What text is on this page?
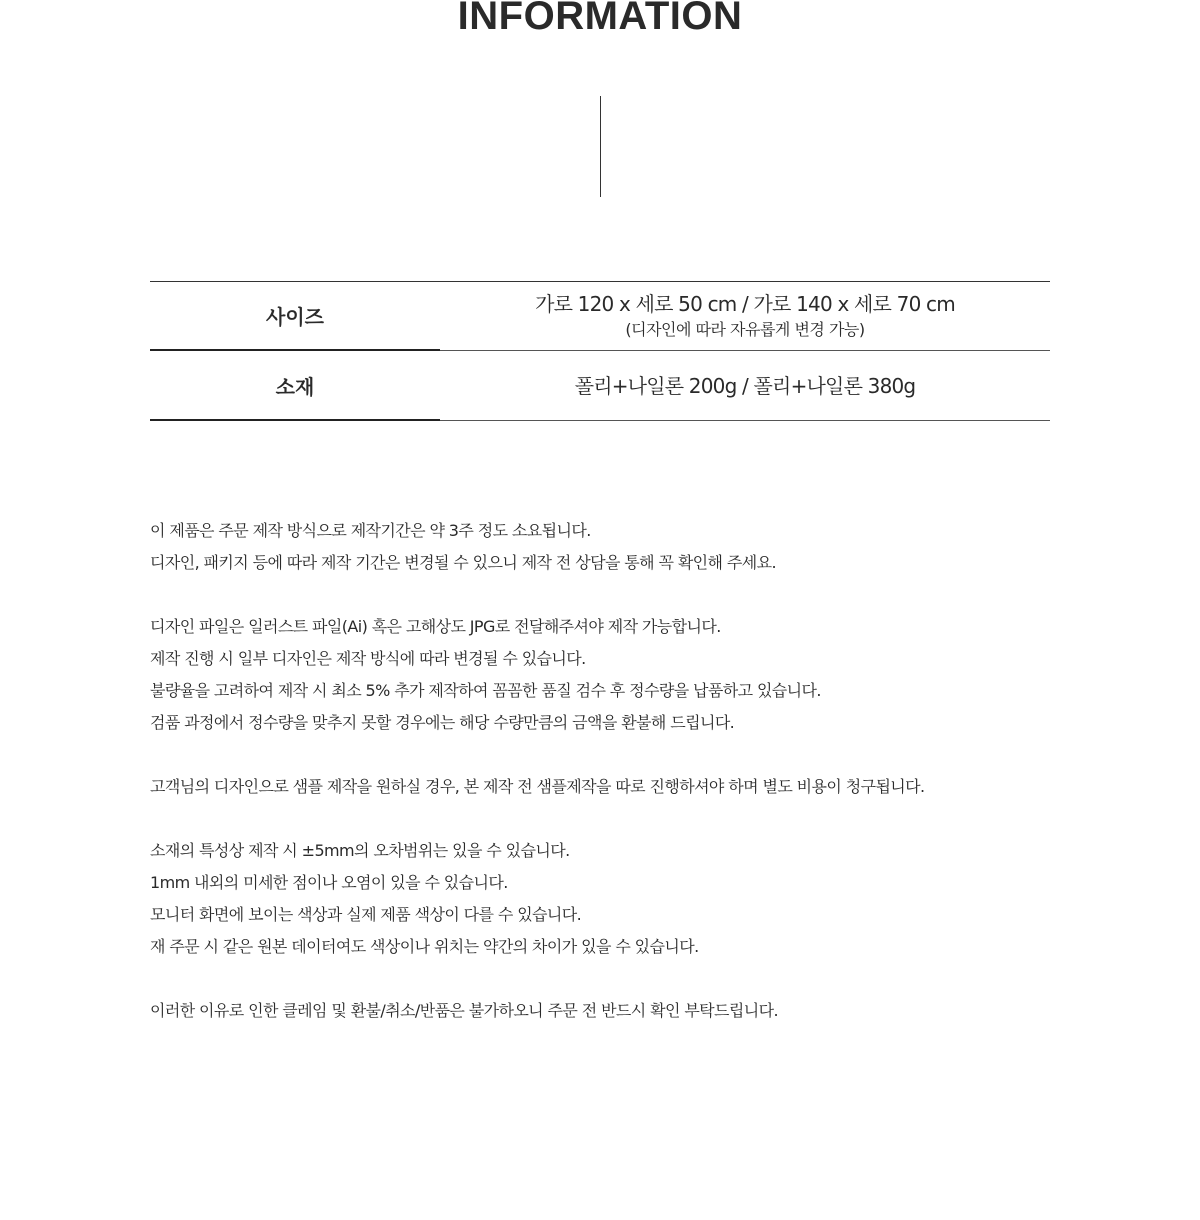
INFORMATION
사이즈
가로 120 x 세로 50 cm / 가로 140 x 세로 70 cm
(디자인에 따라 자유롭게 변경 가능)
소재	폴리+나일론 200g / 폴리+나일론 380g
이 제품은 주문 제작 방식으로 제작기간은 약 3주 정도 소요됩니다.
디자인, 패키지 등에 따라 제작 기간은 변경될 수 있으니 제작 전 상담을 통해 꼭 확인해 주세요.
디자인 파일은 일러스트 파일(Ai) 혹은 고해상도 JPG로 전달해주셔야 제작 가능합니다.
제작 진행 시 일부 디자인은 제작 방식에 따라 변경될 수 있습니다.
불량율을 고려하여 제작 시 최소 5% 추가 제작하여 꼼꼼한 품질 검수 후 정수량을 납품하고 있습니다.
검품 과정에서 정수량을 맞추지 못할 경우에는 해당 수량만큼의 금액을 환불해 드립니다.
고객님의 디자인으로 샘플 제작을 원하실 경우, 본 제작 전 샘플제작을 따로 진행하셔야 하며 별도 비용이 청구됩니다.
소재의 특성상 제작 시 ±5mm의 오차범위는 있을 수 있습니다.
1mm 내외의 미세한 점이나 오염이 있을 수 있습니다.
모니터 화면에 보이는 색상과 실제 제품 색상이 다를 수 있습니다.
재 주문 시 같은 원본 데이터여도 색상이나 위치는 약간의 차이가 있을 수 있습니다.
이러한 이유로 인한 클레임 및 환불/취소/반품은 불가하오니 주문 전 반드시 확인 부탁드립니다.
